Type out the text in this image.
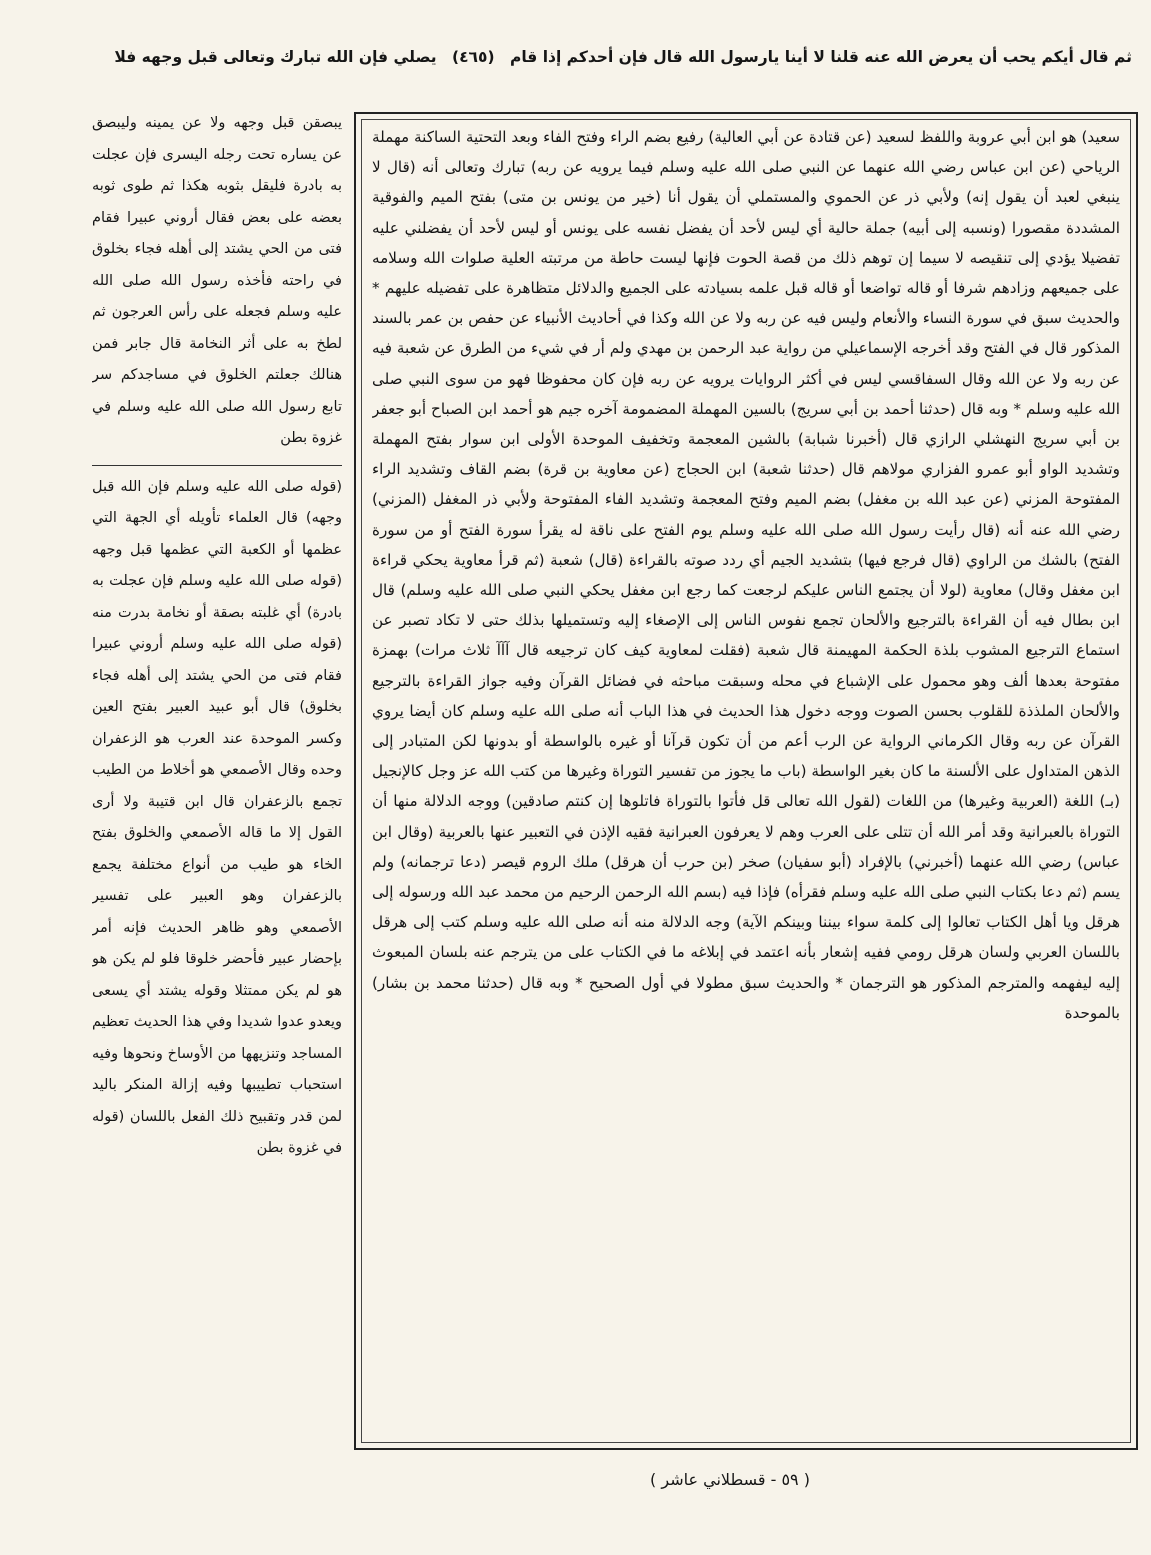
ثم قال أيكم يحب أن يعرض الله عنه قلنا لا أينا يارسول الله قال فإن أحدكم إذا قام (٤٦٥) يصلي فإن الله تبارك وتعالى قبل وجهه فلا

يبصقن قبل وجهه ولا عن يمينه وليبصق عن يساره تحت رجله اليسرى فإن عجلت به بادرة فليقل بثوبه هكذا ثم طوى ثوبه بعضه على بعض فقال أروني عبيرا فقام فتى من الحي يشتد إلى أهله فجاء بخلوق في راحته فأخذه رسول الله صلى الله عليه وسلم فجعله على رأس العرجون ثم لطخ به على أثر النخامة قال جابر فمن هنالك جعلتم الخلوق في مساجدكم سر تابع رسول الله صلى الله عليه وسلم في غزوة بطن

(قوله صلى الله عليه وسلم فإن الله قبل وجهه) قال العلماء تأويله أي الجهة التي عظمها أو الكعبة التي عظمها قبل وجهه (قوله صلى الله عليه وسلم فإن عجلت به بادرة) أي غلبته بصقة أو نخامة بدرت منه (قوله صلى الله عليه وسلم أروني عبيرا فقام فتى من الحي يشتد إلى أهله فجاء بخلوق) قال أبو عبيد العبير بفتح العين وكسر الموحدة عند العرب هو الزعفران وحده وقال الأصمعي هو أخلاط من الطيب تجمع بالزعفران قال ابن قتيبة ولا أرى القول إلا ما قاله الأصمعي والخلوق بفتح الخاء هو طيب من أنواع مختلفة يجمع بالزعفران وهو العبير على تفسير الأصمعي وهو ظاهر الحديث فإنه أمر بإحضار عبير فأحضر خلوقا فلو لم يكن هو هو لم يكن ممتثلا وقوله يشتد أي يسعى ويعدو عدوا شديدا وفي هذا الحديث تعظيم المساجد وتنزيهها من الأوساخ ونحوها وفيه استحباب تطييبها وفيه إزالة المنكر باليد لمن قدر وتقبيح ذلك الفعل باللسان (قوله في غزوة بطن

سعيد) هو ابن أبي عروبة واللفظ لسعيد (عن قتادة عن أبي العالية) رفيع بضم الراء وفتح الفاء وبعد التحتية الساكنة مهملة الرياحي (عن ابن عباس رضي الله عنهما عن النبي صلى الله عليه وسلم فيما يرويه عن ربه) تبارك وتعالى أنه (قال لا ينبغي لعبد أن يقول إنه) ولأبي ذر عن الحموي والمستملي أن يقول أنا (خير من يونس بن متى) بفتح الميم والفوقية المشددة مقصورا (ونسبه إلى أبيه) جملة حالية أي ليس لأحد أن يفضل نفسه على يونس أو ليس لأحد أن يفضلني عليه تفضيلا يؤدي إلى تنقيصه لا سيما إن توهم ذلك من قصة الحوت فإنها ليست حاطة من مرتبته العلية صلوات الله وسلامه على جميعهم وزادهم شرفا أو قاله تواضعا أو قاله قبل علمه بسيادته على الجميع والدلائل متظاهرة على تفضيله عليهم * والحديث سبق في سورة النساء والأنعام وليس فيه عن ربه ولا عن الله وكذا في أحاديث الأنبياء عن حفص بن عمر بالسند المذكور قال في الفتح وقد أخرجه الإسماعيلي من رواية عبد الرحمن بن مهدي ولم أر في شيء من الطرق عن شعبة فيه عن ربه ولا عن الله وقال السفاقسي ليس في أكثر الروايات يرويه عن ربه فإن كان محفوظا فهو من سوى النبي صلى الله عليه وسلم * وبه قال (حدثنا أحمد بن أبي سريج) بالسين المهملة المضمومة آخره جيم هو أحمد ابن الصباح أبو جعفر بن أبي سريج النهشلي الرازي قال (أخبرنا شبابة) بالشين المعجمة وتخفيف الموحدة الأولى ابن سوار بفتح المهملة وتشديد الواو أبو عمرو الفزاري مولاهم قال (حدثنا شعبة) ابن الحجاج (عن معاوية بن قرة) بضم القاف وتشديد الراء المفتوحة المزني (عن عبد الله بن مغفل) بضم الميم وفتح المعجمة وتشديد الفاء المفتوحة ولأبي ذر المغفل (المزني) رضي الله عنه أنه (قال رأيت رسول الله صلى الله عليه وسلم يوم الفتح على ناقة له يقرأ سورة الفتح أو من سورة الفتح) بالشك من الراوي (قال فرجع فيها) بتشديد الجيم أي ردد صوته بالقراءة (قال) شعبة (ثم قرأ معاوية يحكي قراءة ابن مغفل وقال) معاوية (لولا أن يجتمع الناس عليكم لرجعت كما رجع ابن مغفل يحكي النبي صلى الله عليه وسلم) قال ابن بطال فيه أن القراءة بالترجيع والألحان تجمع نفوس الناس إلى الإصغاء إليه وتستميلها بذلك حتى لا تكاد تصبر عن استماع الترجيع المشوب بلذة الحكمة المهيمنة قال شعبة (فقلت لمعاوية كيف كان ترجيعه قال آآآ ثلاث مرات) بهمزة مفتوحة بعدها ألف وهو محمول على الإشباع في محله وسبقت مباحثه في فضائل القرآن وفيه جواز القراءة بالترجيع والألحان الملذذة للقلوب بحسن الصوت ووجه دخول هذا الحديث في هذا الباب أنه صلى الله عليه وسلم كان أيضا يروي القرآن عن ربه وقال الكرماني الرواية عن الرب أعم من أن تكون قرآنا أو غيره بالواسطة أو بدونها لكن المتبادر إلى الذهن المتداول على الألسنة ما كان بغير الواسطة (باب ما يجوز من تفسير التوراة وغيرها من كتب الله عز وجل كالإنجيل (بـ) اللغة (العربية وغيرها) من اللغات (لقول الله تعالى قل فأتوا بالتوراة فاتلوها إن كنتم صادقين) ووجه الدلالة منها أن التوراة بالعبرانية وقد أمر الله أن تتلى على العرب وهم لا يعرفون العبرانية فقيه الإذن في التعبير عنها بالعربية (وقال ابن عباس) رضي الله عنهما (أخبرني) بالإفراد (أبو سفيان) صخر (بن حرب أن هرقل) ملك الروم قيصر (دعا ترجمانه) ولم يسم (ثم دعا بكتاب النبي صلى الله عليه وسلم فقرأه) فإذا فيه (بسم الله الرحمن الرحيم من محمد عبد الله ورسوله إلى هرقل ويا أهل الكتاب تعالوا إلى كلمة سواء بيننا وبينكم الآية) وجه الدلالة منه أنه صلى الله عليه وسلم كتب إلى هرقل باللسان العربي ولسان هرقل رومي ففيه إشعار بأنه اعتمد في إبلاغه ما في الكتاب على من يترجم عنه بلسان المبعوث إليه ليفهمه والمترجم المذكور هو الترجمان * والحديث سبق مطولا في أول الصحيح * وبه قال (حدثنا محمد بن بشار) بالموحدة

( ٥٩ - قسطلاني عاشر )
